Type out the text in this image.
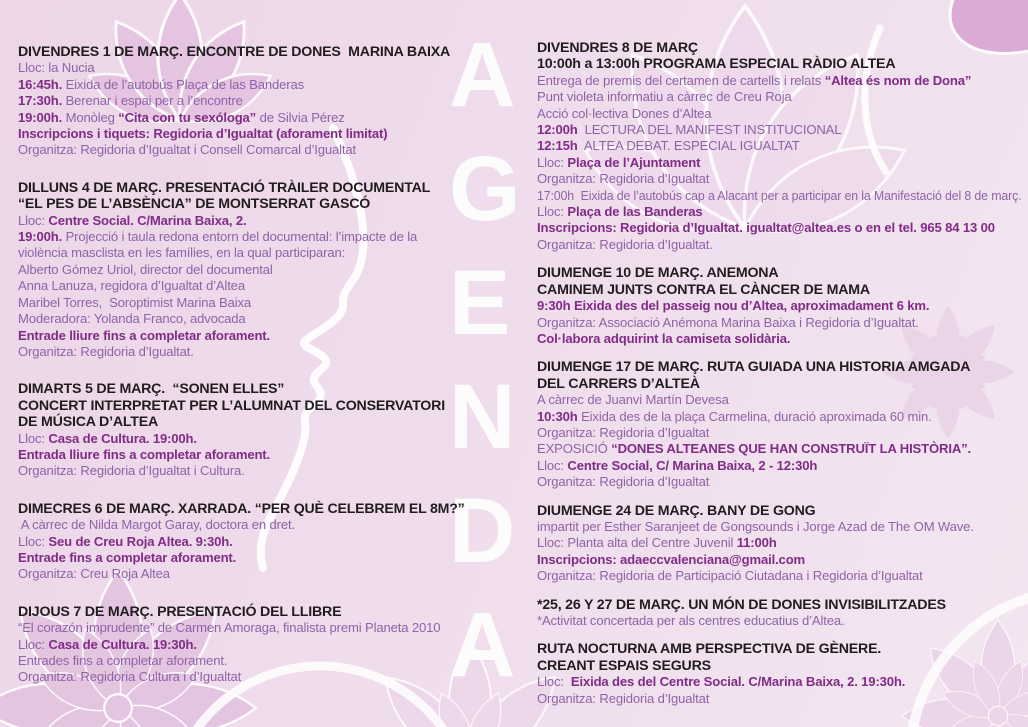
A
G
E
N
D
A
DIVENDRES 1 DE MARÇ. ENCONTRE DE DONES  MARINA BAIXA
Lloc: la Nucia
16:45h. Eixida de l’autobús Plaça de las Banderas
17:30h. Berenar i espai per a l’encontre
19:00h. Monòleg “Cita con tu sexóloga” de Silvia Pérez
Inscripcions i tiquets: Regidoria d’Igualtat (aforament limitat)
Organitza: Regidoria d’Igualtat i Consell Comarcal d’Igualtat
DILLUNS 4 DE MARÇ. PRESENTACIÓ TRÀILER DOCUMENTAL
“EL PES DE L’ABSÈNCIA” DE MONTSERRAT GASCÓ
Lloc: Centre Social. C/Marina Baixa, 2.
19:00h. Projecció i taula redona entorn del documental: l’impacte de la
violència masclista en les famílies, en la qual participaran:
Alberto Gómez Uriol, director del documental
Anna Lanuza, regidora d’Igualtat d’Altea
Maribel Torres,  Soroptimist Marina Baixa
Moderadora: Yolanda Franco, advocada
Entrade lliure fins a completar aforament.
Organitza: Regidoria d’Igualtat.
DIMARTS 5 DE MARÇ.  “SONEN ELLES”
CONCERT INTERPRETAT PER L’ALUMNAT DEL CONSERVATORI
DE MÚSICA D’ALTEA
Lloc: Casa de Cultura. 19:00h.
Entrada lliure fins a completar aforament.
Organitza: Regidoria d’Igualtat i Cultura.
DIMECRES 6 DE MARÇ. XARRADA. “PER QUÈ CELEBREM EL 8M?”
A càrrec de Nilda Margot Garay, doctora en dret.
Lloc: Seu de Creu Roja Altea. 9:30h.
Entrade fins a completar aforament.
Organitza: Creu Roja Altea
DIJOUS 7 DE MARÇ. PRESENTACIÓ DEL LLIBRE
“El corazón imprudente” de Carmen Amoraga, finalista premi Planeta 2010
Lloc: Casa de Cultura. 19:30h.
Entrades fins a completar aforament.
Organitza: Regidoria Cultura i d’Igualtat
DIVENDRES 8 DE MARÇ
10:00h a 13:00h PROGRAMA ESPECIAL RÀDIO ALTEA
Entrega de premis del certamen de cartells i relats “Altea és nom de Dona”
Punt violeta informatiu a càrrec de Creu Roja
Acció col·lectiva Dones d’Altea
12:00h  LECTURA DEL MANIFEST INSTITUCIONAL
12:15h  ALTEA DEBAT. ESPECIAL IGUALTAT
Lloc: Plaça de l’Ajuntament
Organitza: Regidoria d’Igualtat
17:00h  Eixida de l’autobús cap a Alacant per a participar en la Manifestació del 8 de març.
Lloc: Plaça de las Banderas
Inscripcions: Regidoria d’Igualtat. igualtat@altea.es o en el tel. 965 84 13 00
Organitza: Regidoria d’Igualtat.
DIUMENGE 10 DE MARÇ. ANEMONA
CAMINEM JUNTS CONTRA EL CÀNCER DE MAMA
9:30h Eixida des del passeig nou d’Altea, aproximadament 6 km.
Organitza: Associació Anémona Marina Baixa i Regidoria d’Igualtat.
Col·labora adquirint la camiseta solidària.
DIUMENGE 17 DE MARÇ. RUTA GUIADA UNA HISTORIA AMGADA
DEL CARRERS D’ALTEÀ
A càrrec de Juanvi Martín Devesa
10:30h Eixida des de la plaça Carmelina, duració aproximada 60 min.
Organitza: Regidoria d’Igualtat
EXPOSICIÓ “DONES ALTEANES QUE HAN CONSTRUÏT LA HISTÒRIA”.
Lloc: Centre Social, C/ Marina Baixa, 2 - 12:30h
Organitza: Regidoria d’Igualtat
DIUMENGE 24 DE MARÇ. BANY DE GONG
impartit per Esther Saranjeet de Gongsounds i Jorge Azad de The OM Wave.
Lloc: Planta alta del Centre Juvenil 11:00h
Inscripcions: adaeccvalenciana@gmail.com
Organitza: Regidoria de Participació Ciutadana i Regidoria d’Igualtat
*25, 26 Y 27 DE MARÇ. UN MÓN DE DONES INVISIBILITZADES
*Activitat concertada per als centres educatius d’Altea.
RUTA NOCTURNA AMB PERSPECTIVA DE GÈNERE.
CREANT ESPAIS SEGURS
Lloc:  Eixida des del Centre Social. C/Marina Baixa, 2. 19:30h.
Organitza: Regidoria d’Igualtat
